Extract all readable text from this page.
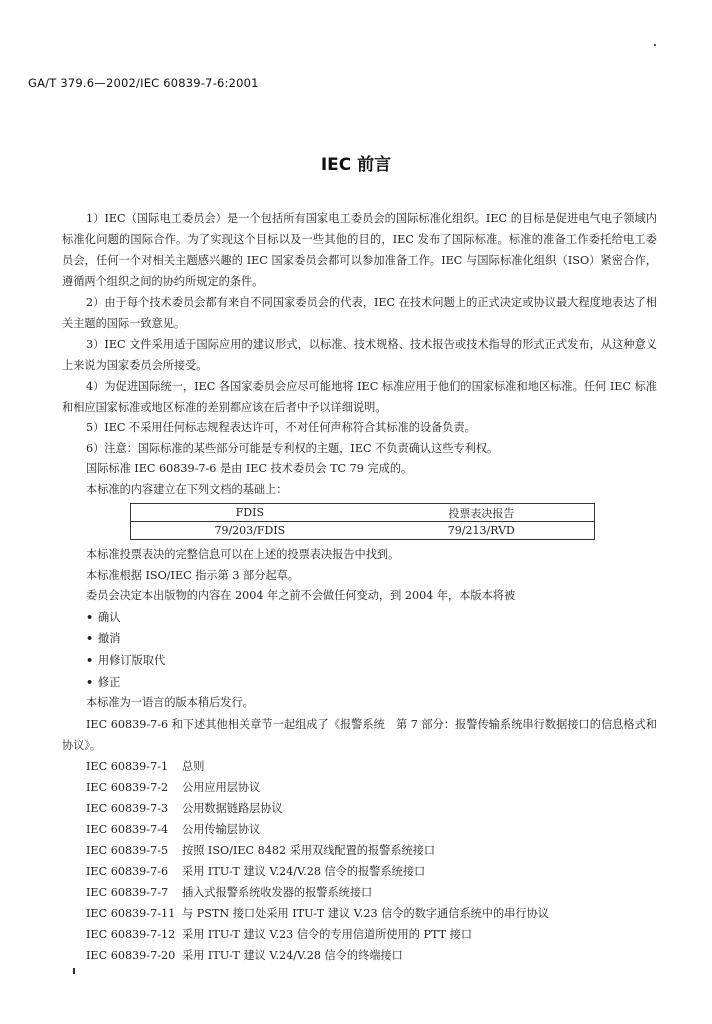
GA/T 379.6—2002/IEC 60839-7-6:2001
IEC 前言

1）IEC（国际电工委员会）是一个包括所有国家电工委员会的国际标准化组织。IEC 的目标是促进电气电子领域内标准化问题的国际合作。为了实现这个目标以及一些其他的目的，IEC 发布了国际标准。标准的准备工作委托给电工委员会，任何一个对相关主题感兴趣的 IEC 国家委员会都可以参加准备工作。IEC 与国际标准化组织（ISO）紧密合作，遵循两个组织之间的协约所规定的条件。

2）由于每个技术委员会都有来自不同国家委员会的代表，IEC 在技术问题上的正式决定或协议最大程度地表达了相关主题的国际一致意见。

3）IEC 文件采用适于国际应用的建议形式，以标准、技术规格、技术报告或技术指导的形式正式发布，从这种意义上来说为国家委员会所接受。

4）为促进国际统一，IEC 各国家委员会应尽可能地将 IEC 标准应用于他们的国家标准和地区标准。任何 IEC 标准和相应国家标准或地区标准的差别都应该在后者中予以详细说明。

5）IEC 不采用任何标志规程表达许可，不对任何声称符合其标准的设备负责。

6）注意：国际标准的某些部分可能是专利权的主题，IEC 不负责确认这些专利权。

国际标准 IEC 60839-7-6 是由 IEC 技术委员会 TC 79 完成的。

本标准的内容建立在下列文档的基础上：

FDIS	投票表决报告
79/203/FDIS	79/213/RVD

本标准投票表决的完整信息可以在上述的投票表决报告中找到。

本标准根据 ISO/IEC 指示第 3 部分起草。

委员会决定本出版物的内容在 2004 年之前不会做任何变动，到 2004 年，本版本将被

• 确认

• 撤消

• 用修订版取代

• 修正

本标准为一语言的版本稍后发行。

IEC 60839-7-6 和下述其他相关章节一起组成了《报警系统　第 7 部分：报警传输系统串行数据接口的信息格式和协议》。

IEC 60839-7-1 总则

IEC 60839-7-2 公用应用层协议

IEC 60839-7-3 公用数据链路层协议

IEC 60839-7-4 公用传输层协议

IEC 60839-7-5 按照 ISO/IEC 8482 采用双线配置的报警系统接口

IEC 60839-7-6 采用 ITU-T 建议 V.24/V.28 信令的报警系统接口

IEC 60839-7-7 插入式报警系统收发器的报警系统接口

IEC 60839-7-11 与 PSTN 接口处采用 ITU-T 建议 V.23 信令的数字通信系统中的串行协议

IEC 60839-7-12 采用 ITU-T 建议 V.23 信令的专用信道所使用的 PTT 接口

IEC 60839-7-20 采用 ITU-T 建议 V.24/V.28 信令的终端接口
